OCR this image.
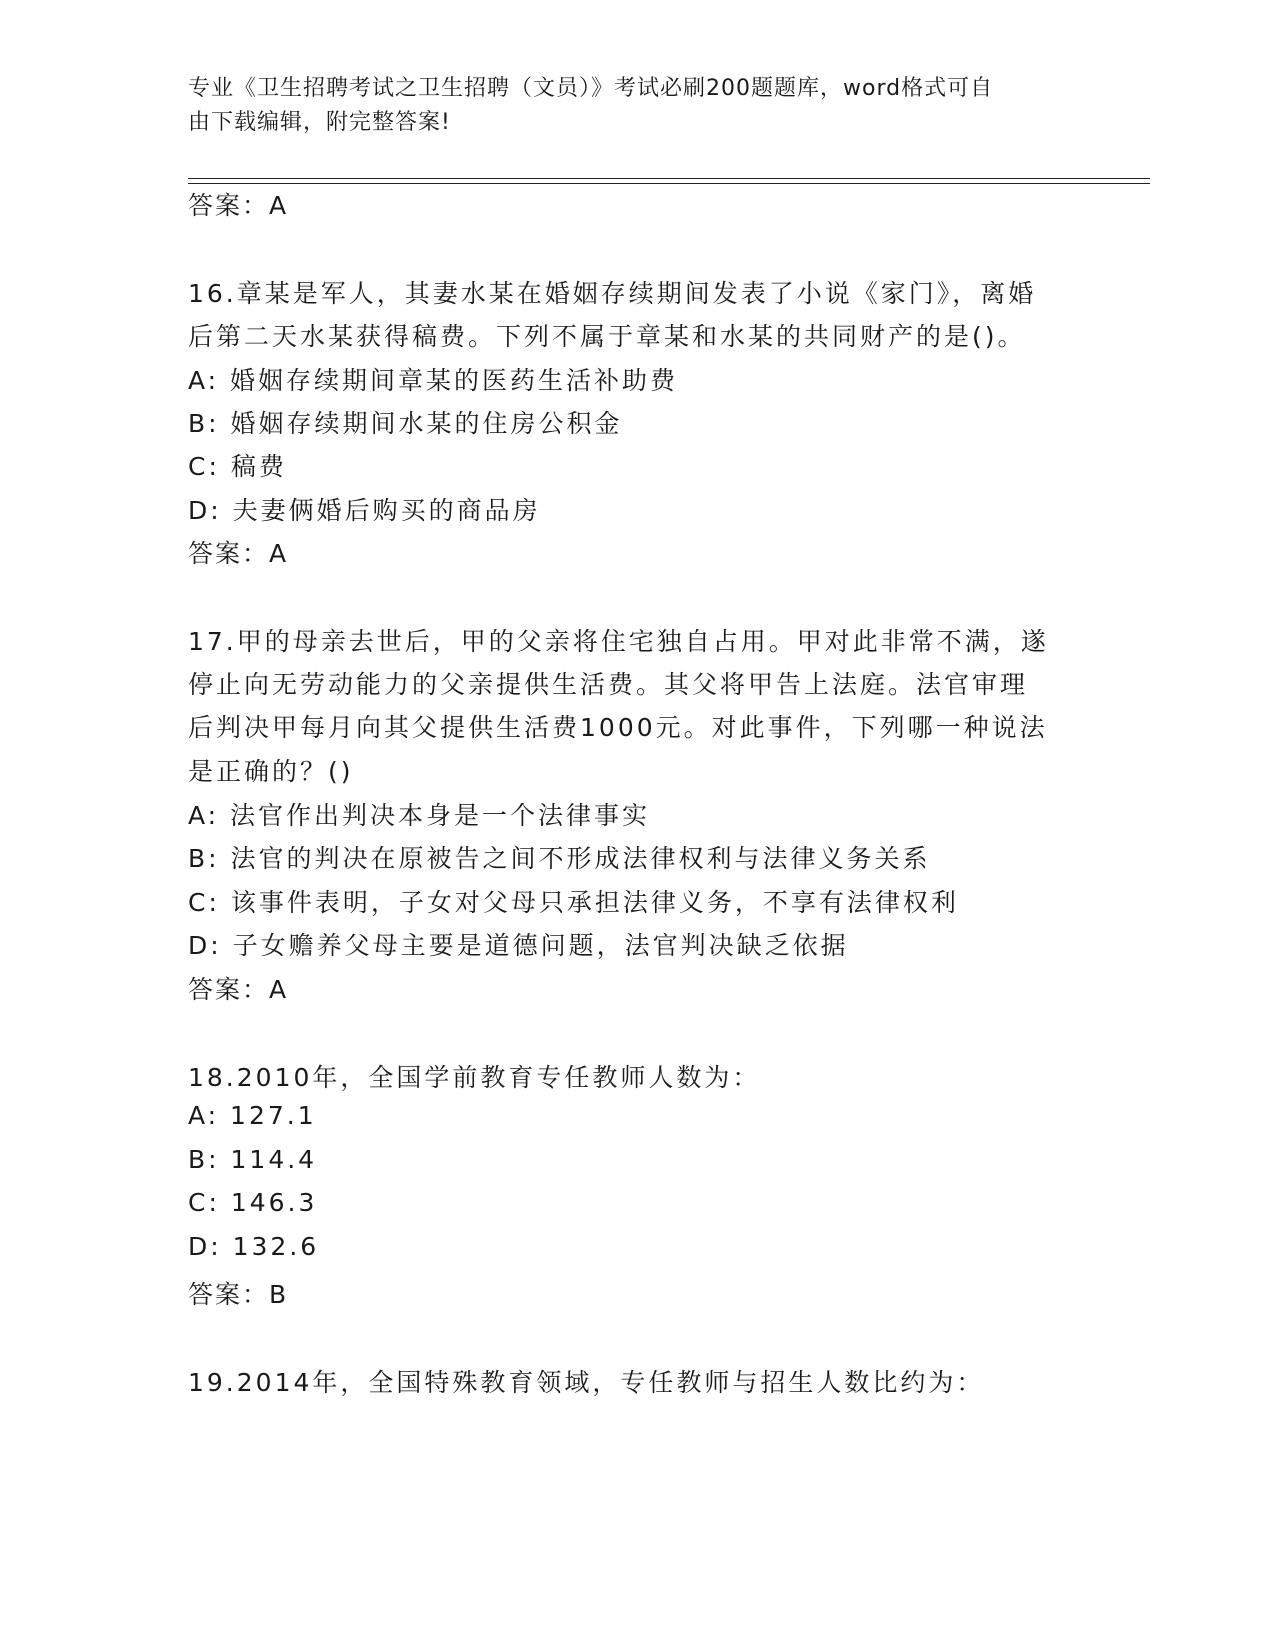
专业《卫生招聘考试之卫生招聘（文员）》考试必刷200题题库，word格式可自
由下载编辑，附完整答案!
答案：A
16.章某是军人，其妻水某在婚姻存续期间发表了小说《家门》，离婚
后第二天水某获得稿费。下列不属于章某和水某的共同财产的是()。
A: 婚姻存续期间章某的医药生活补助费
B: 婚姻存续期间水某的住房公积金
C: 稿费
D: 夫妻俩婚后购买的商品房
答案：A
17.甲的母亲去世后，甲的父亲将住宅独自占用。甲对此非常不满，遂
停止向无劳动能力的父亲提供生活费。其父将甲告上法庭。法官审理
后判决甲每月向其父提供生活费1000元。对此事件，下列哪一种说法
是正确的？()
A: 法官作出判决本身是一个法律事实
B: 法官的判决在原被告之间不形成法律权利与法律义务关系
C: 该事件表明，子女对父母只承担法律义务，不享有法律权利
D: 子女赡养父母主要是道德问题，法官判决缺乏依据
答案：A
18.2010年，全国学前教育专任教师人数为：
A: 127.1
B: 114.4
C: 146.3
D: 132.6
答案：B
19.2014年，全国特殊教育领域，专任教师与招生人数比约为：
